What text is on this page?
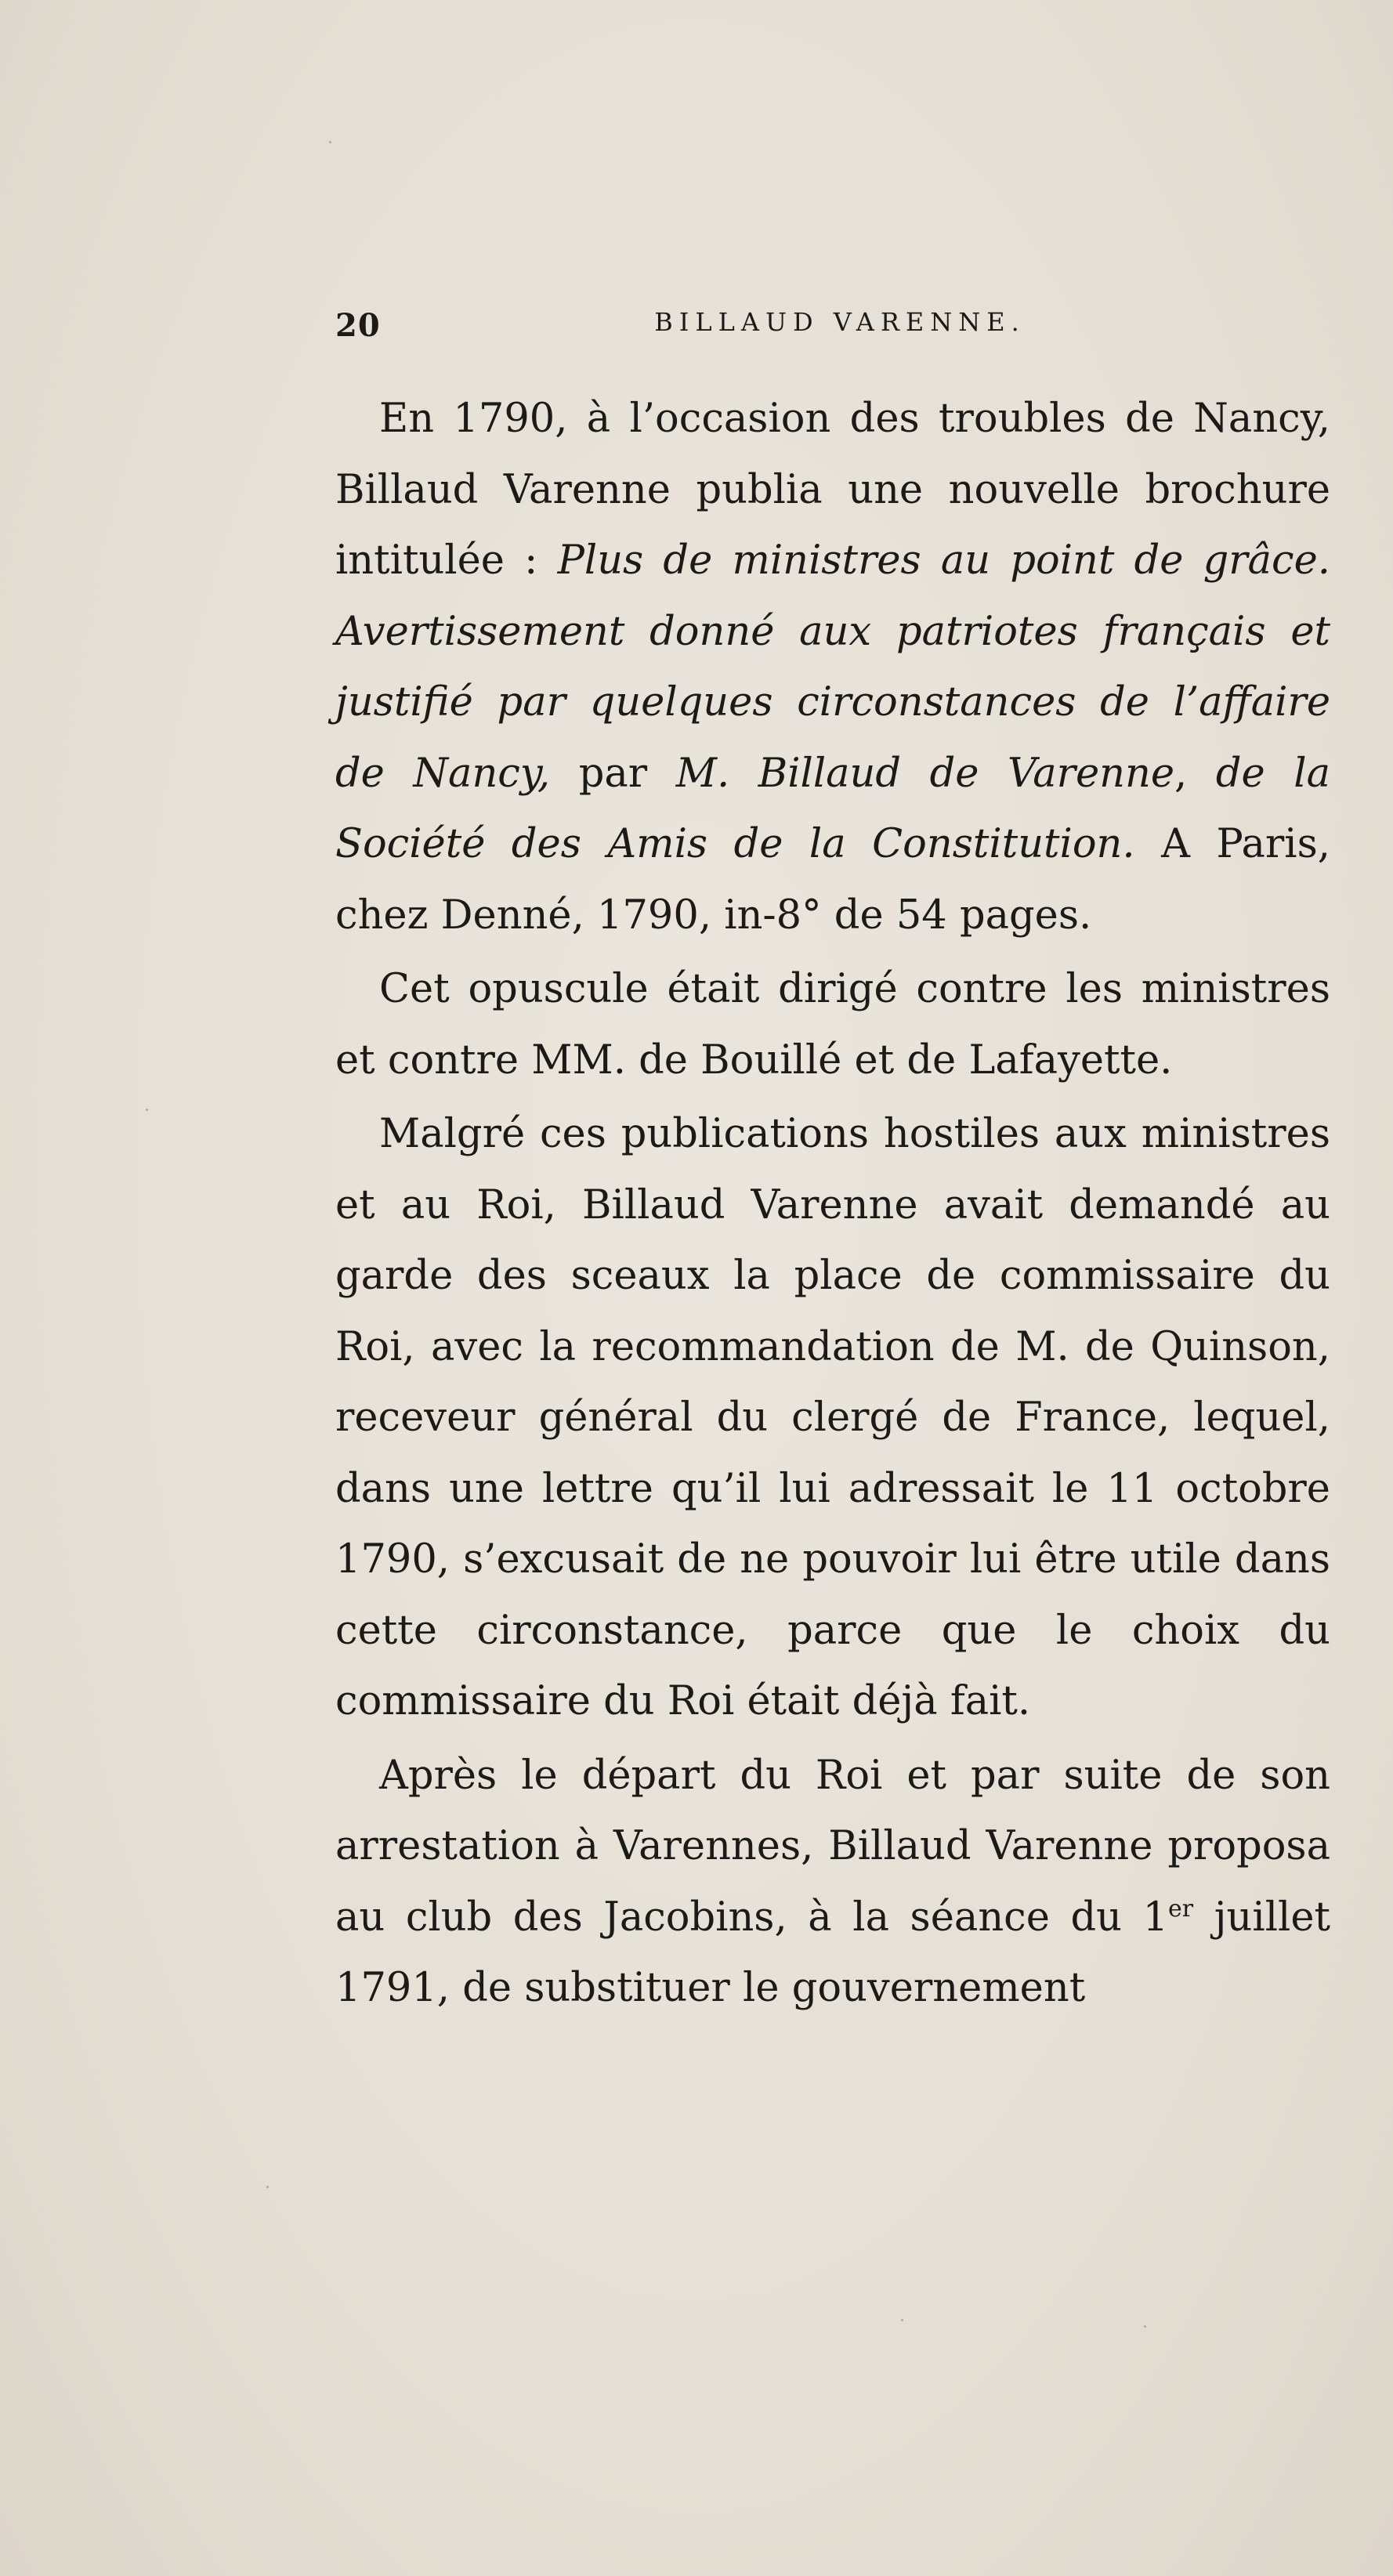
20	BILLAUD VARENNE.

En 1790, à l’occasion des troubles de Nancy, Billaud Varenne publia une nouvelle brochure intitulée : Plus de ministres au point de grâce. Avertissement donné aux patriotes français et justifié par quelques circonstances de l’affaire de Nancy, par M. Billaud de Varenne, de la Société des Amis de la Constitution. A Paris, chez Denné, 1790, in-8° de 54 pages.

Cet opuscule était dirigé contre les ministres et contre MM. de Bouillé et de Lafayette.

Malgré ces publications hostiles aux ministres et au Roi, Billaud Varenne avait demandé au garde des sceaux la place de commissaire du Roi, avec la recommandation de M. de Quinson, receveur général du clergé de France, lequel, dans une lettre qu’il lui adressait le 11 octobre 1790, s’excusait de ne pouvoir lui être utile dans cette circonstance, parce que le choix du commissaire du Roi était déjà fait.

Après le départ du Roi et par suite de son arrestation à Varennes, Billaud Varenne proposa au club des Jacobins, à la séance du 1er juillet 1791, de substituer le gouvernement
